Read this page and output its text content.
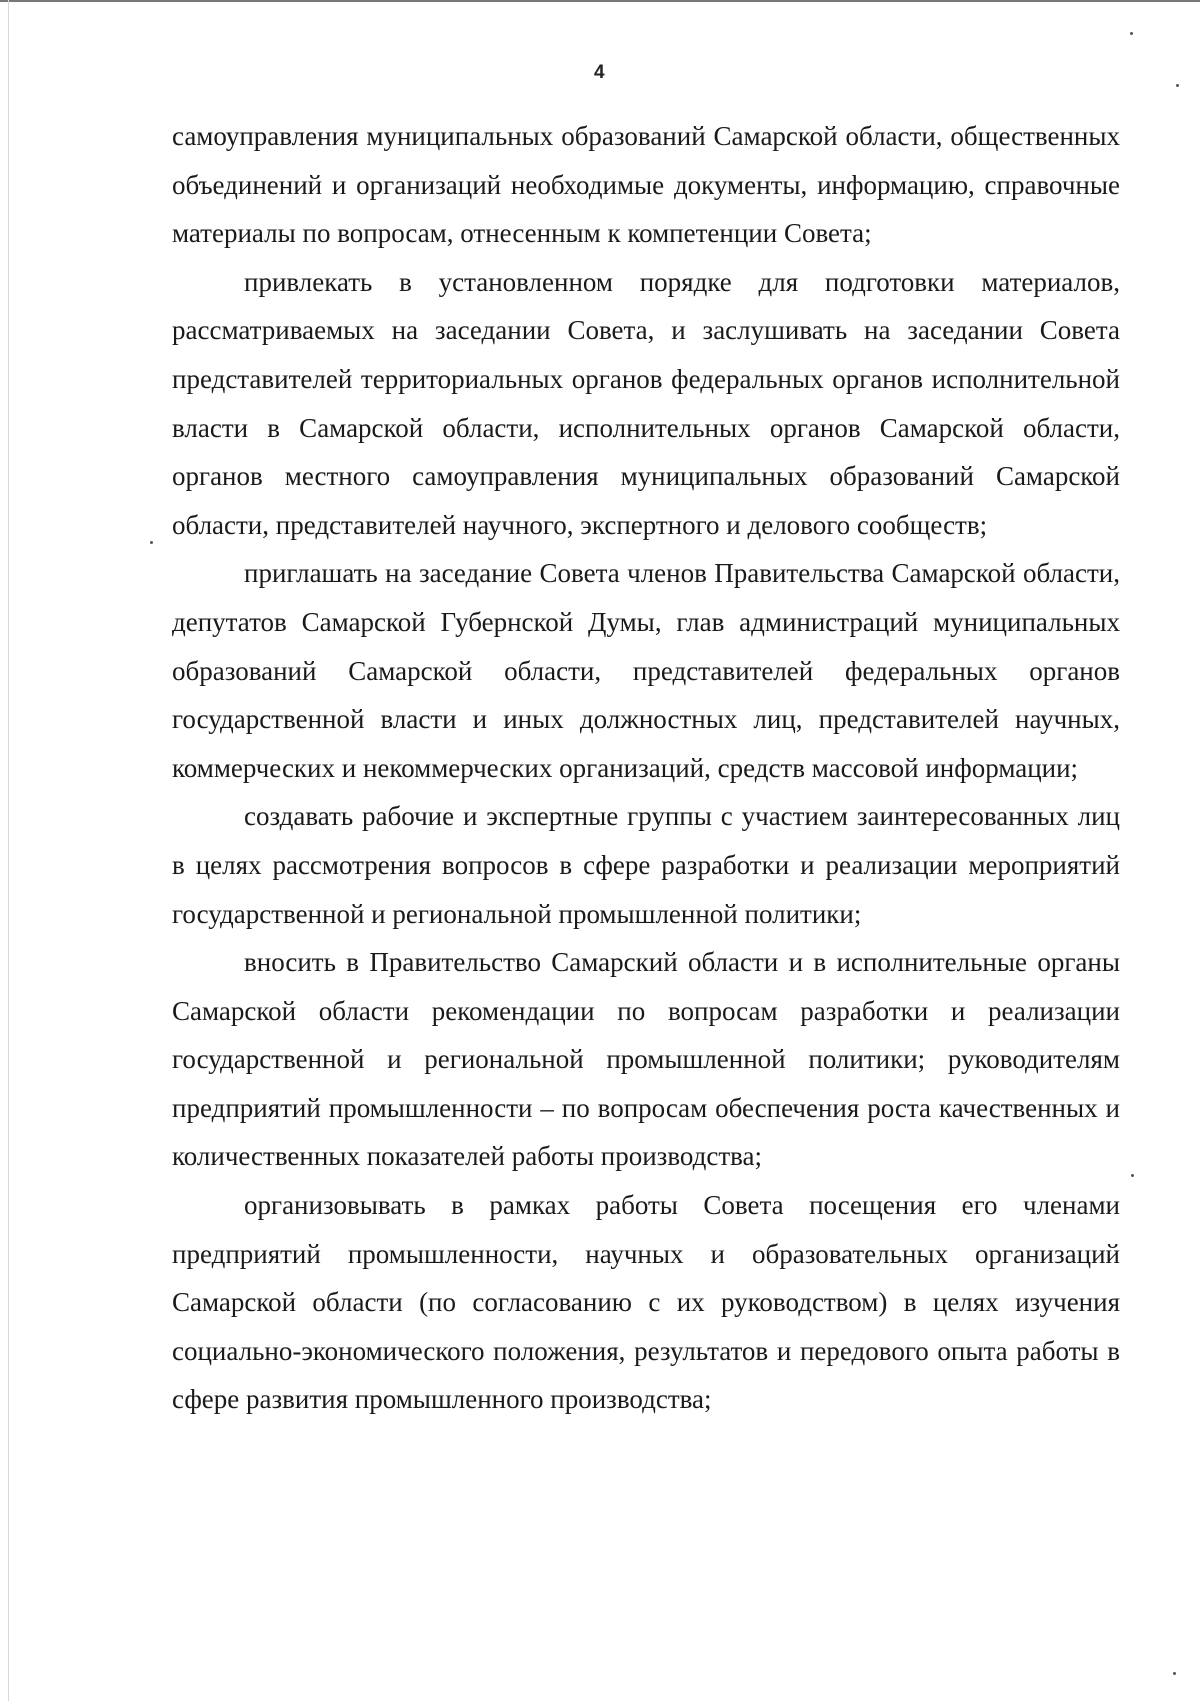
4

самоуправления муниципальных образований Самарской области, общественных объединений и организаций необходимые документы, информацию, справочные материалы по вопросам, отнесенным к компетенции Совета;

привлекать в установленном порядке для подготовки материалов, рассматриваемых на заседании Совета, и заслушивать на заседании Совета представителей территориальных органов федеральных органов исполнительной власти в Самарской области, исполнительных органов Самарской области, органов местного самоуправления муниципальных образований Самарской области, представителей научного, экспертного и делового сообществ;

приглашать на заседание Совета членов Правительства Самарской области, депутатов Самарской Губернской Думы, глав администраций муниципальных образований Самарской области, представителей федеральных органов государственной власти и иных должностных лиц, представителей научных, коммерческих и некоммерческих организаций, средств массовой информации;

создавать рабочие и экспертные группы с участием заинтересованных лиц в целях рассмотрения вопросов в сфере разработки и реализации мероприятий государственной и региональной промышленной политики;

вносить в Правительство Самарский области и в исполнительные органы Самарской области рекомендации по вопросам разработки и реализации государственной и региональной промышленной политики; руководителям предприятий промышленности – по вопросам обеспечения роста качественных и количественных показателей работы производства;

организовывать в рамках работы Совета посещения его членами предприятий промышленности, научных и образовательных организаций Самарской области (по согласованию с их руководством) в целях изучения социально-экономического положения, результатов и передового опыта работы в сфере развития промышленного производства;
